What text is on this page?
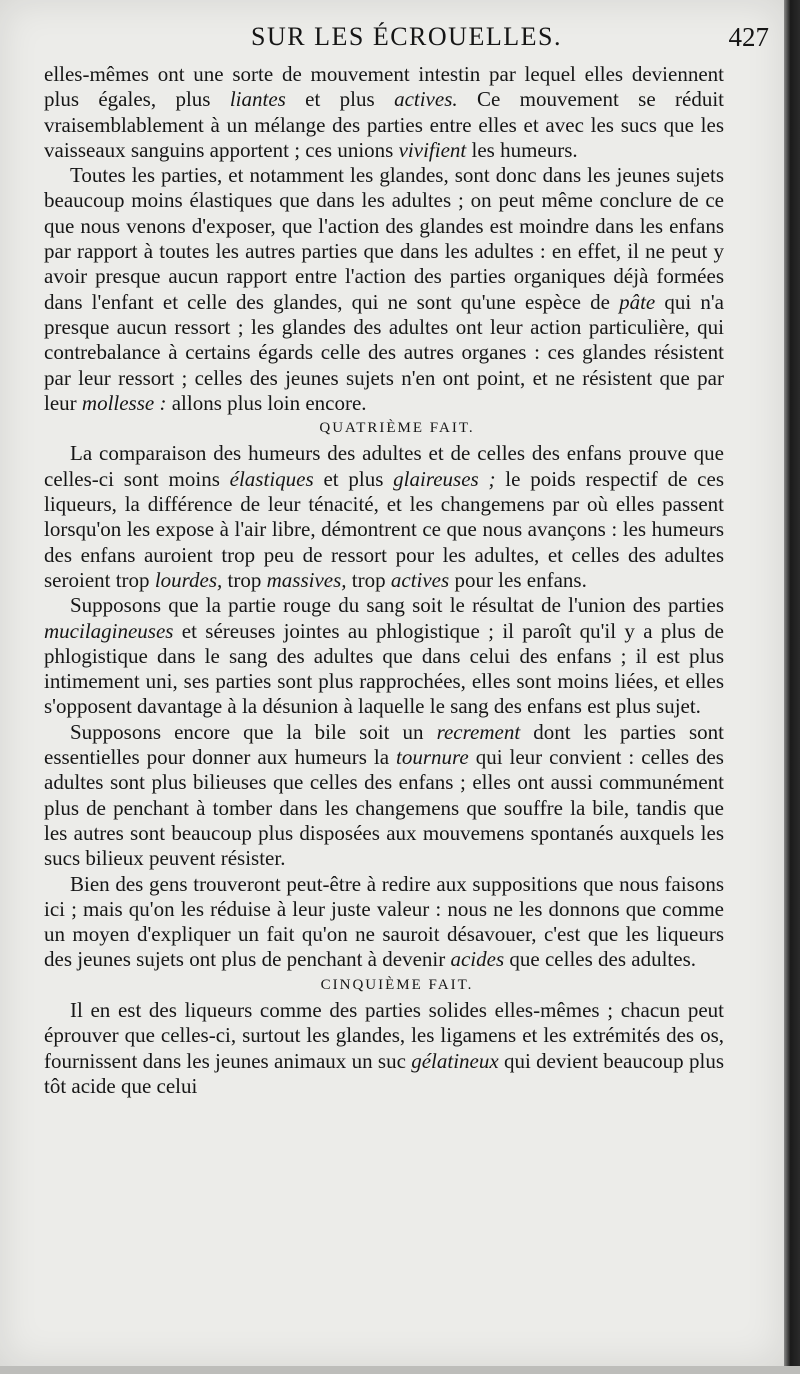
SUR LES ÉCROUELLES.	427

elles-mêmes ont une sorte de mouvement intestin par lequel elles deviennent plus égales, plus liantes et plus actives. Ce mouvement se réduit vraisemblablement à un mélange des parties entre elles et avec les sucs que les vaisseaux sanguins apportent ; ces unions vivifient les humeurs.

Toutes les parties, et notamment les glandes, sont donc dans les jeunes sujets beaucoup moins élastiques que dans les adultes ; on peut même conclure de ce que nous venons d'exposer, que l'action des glandes est moindre dans les enfans par rapport à toutes les autres parties que dans les adultes : en effet, il ne peut y avoir presque aucun rapport entre l'action des parties organiques déjà formées dans l'enfant et celle des glandes, qui ne sont qu'une espèce de pâte qui n'a presque aucun ressort ; les glandes des adultes ont leur action particulière, qui contrebalance à certains égards celle des autres organes : ces glandes résistent par leur ressort ; celles des jeunes sujets n'en ont point, et ne résistent que par leur mollesse : allons plus loin encore.

QUATRIÈME FAIT.

La comparaison des humeurs des adultes et de celles des enfans prouve que celles-ci sont moins élastiques et plus glaireuses ; le poids respectif de ces liqueurs, la différence de leur ténacité, et les changemens par où elles passent lorsqu'on les expose à l'air libre, démontrent ce que nous avançons : les humeurs des enfans auroient trop peu de ressort pour les adultes, et celles des adultes seroient trop lourdes, trop massives, trop actives pour les enfans.

Supposons que la partie rouge du sang soit le résultat de l'union des parties mucilagineuses et séreuses jointes au phlogistique ; il paroît qu'il y a plus de phlogistique dans le sang des adultes que dans celui des enfans ; il est plus intimement uni, ses parties sont plus rapprochées, elles sont moins liées, et elles s'opposent davantage à la désunion à laquelle le sang des enfans est plus sujet.

Supposons encore que la bile soit un recrement dont les parties sont essentielles pour donner aux humeurs la tournure qui leur convient : celles des adultes sont plus bilieuses que celles des enfans ; elles ont aussi communément plus de penchant à tomber dans les changemens que souffre la bile, tandis que les autres sont beaucoup plus disposées aux mouvemens spontanés auxquels les sucs bilieux peuvent résister.

Bien des gens trouveront peut-être à redire aux suppositions que nous faisons ici ; mais qu'on les réduise à leur juste valeur : nous ne les donnons que comme un moyen d'expliquer un fait qu'on ne sauroit désavouer, c'est que les liqueurs des jeunes sujets ont plus de penchant à devenir acides que celles des adultes.

CINQUIÈME FAIT.

Il en est des liqueurs comme des parties solides elles-mêmes ; chacun peut éprouver que celles-ci, surtout les glandes, les ligamens et les extrémités des os, fournissent dans les jeunes animaux un suc gélatineux qui devient beaucoup plus tôt acide que celui
